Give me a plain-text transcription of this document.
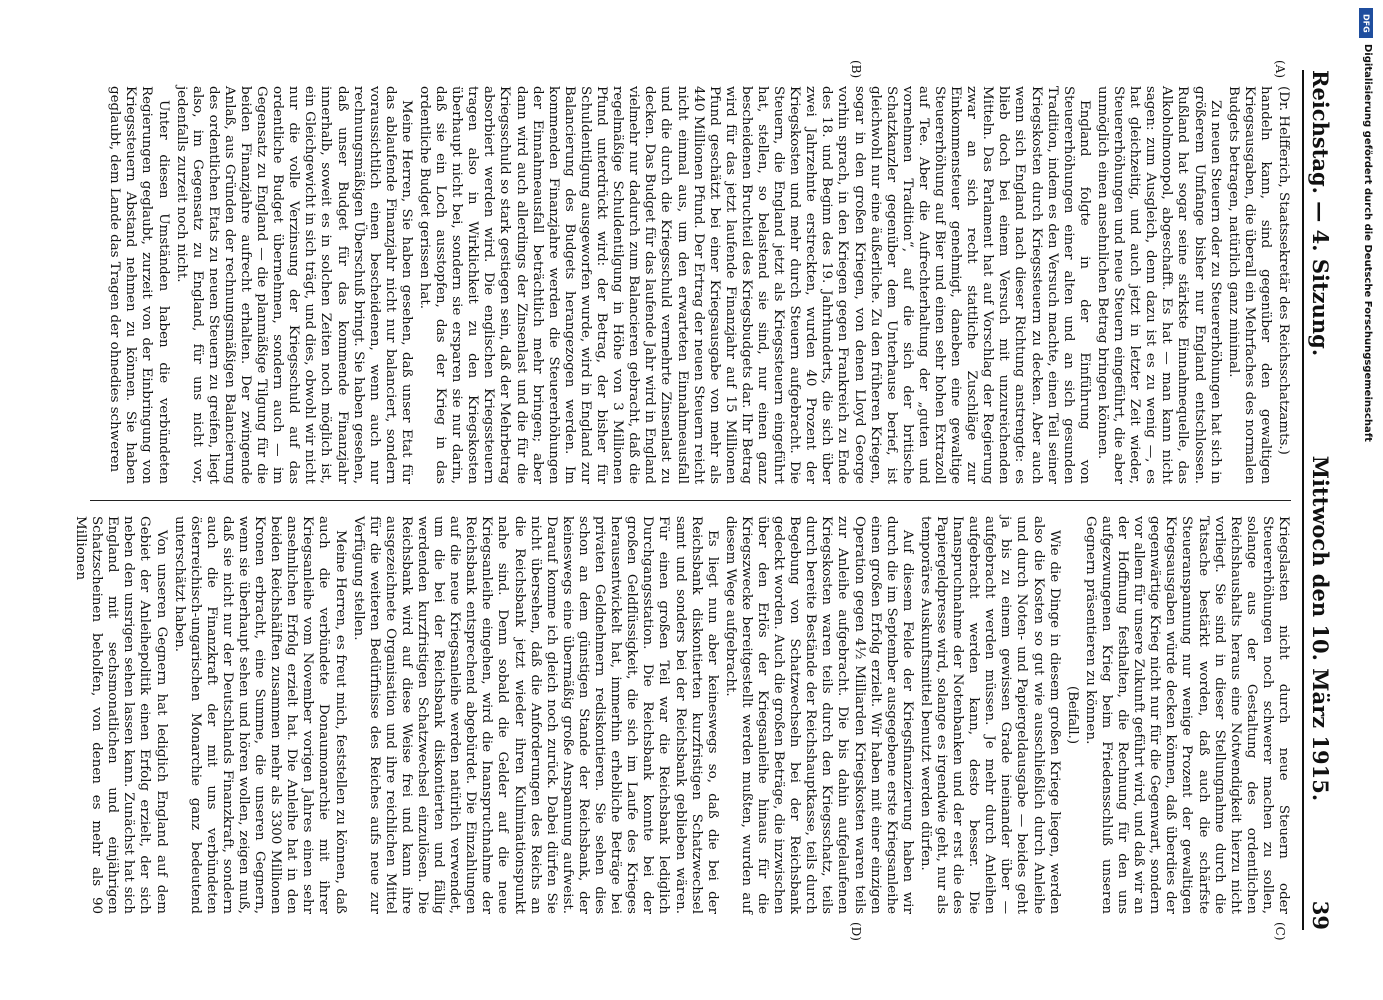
Reichstag. — 4. Sitzung.
Mittwoch den 10. März 1915.
39
(A)
(B)
(C)
(D)

(Dr. Helfferich, Staatssekretär des Reichsschatzamts.)

handeln kann, sind gegenüber den gewaltigen Kriegsausgaben, die überall ein Mehrfaches des normalen Budgets betragen, natürlich ganz minimal.

Zu neuen Steuern oder zu Steuererhöhungen hat sich in größerem Umfange bisher nur England entschlossen. Rußland hat sogar seine stärkste Einnahmequelle, das Alkoholmonopol, abgeschafft. Es hat — man kann nicht sagen: zum Ausgleich, denn dazu ist es zu wenig —, es hat gleichzeitig, und auch jetzt in letzter Zeit wieder, Steuererhöhungen und neue Steuern eingeführt, die aber unmöglich einen ansehnlichen Betrag bringen können.

England folgte in der Einführung von Steuererhöhungen einer alten und an sich gesunden Tradition, indem es den Versuch machte, einen Teil seiner Kriegskosten durch Kriegssteuern zu decken. Aber auch wenn sich England nach dieser Richtung anstrengte: es blieb doch bei einem Versuch mit unzureichenden Mitteln. Das Parlament hat auf Vorschlag der Regierung zwar an sich recht stattliche Zuschläge zur Einkommensteuer genehmigt, daneben eine gewaltige Steuererhöhung auf Bier und einen sehr hohen Extrazoll auf Tee. Aber die Aufrechterhaltung der „guten und vornehmen Tradition“, auf die sich der britische Schatzkanzler gegenüber dem Unterhause berief, ist gleichwohl nur eine äußerliche. Zu den früheren Kriegen, sogar in den großen Kriegen, von denen Lloyd George vorhin sprach, in den Kriegen gegen Frankreich zu Ende des 18. und Beginn des 19. Jahrhunderts, die sich über zwei Jahrzehnte erstreckten, wurden 40 Prozent der Kriegskosten und mehr durch Steuern aufgebracht. Die Steuern, die England jetzt als Kriegssteuern eingeführt hat, stellen, so belastend sie sind, nur einen ganz bescheidenen Bruchteil des Kriegsbudgets dar. Ihr Betrag wird für das jetzt laufende Finanzjahr auf 15 Millionen Pfund geschätzt bei einer Kriegsausgabe von mehr als 440 Millionen Pfund. Der Ertrag der neuen Steuern reicht nicht einmal aus, um den erwarteten Einnahmeausfall und die durch die Kriegsschuld vermehrte Zinsenlast zu decken. Das Budget für das laufende Jahr wird in England vielmehr nur dadurch zum Balancieren gebracht, daß die regelmäßige Schuldentilgung in Höhe von 3 Millionen Pfund unterdrückt wird: der Betrag, der bisher für Schuldentilgung ausgeworfen wurde, wird in England zur Balancierung des Budgets herangezogen werden. Im kommenden Finanzjahre werden die Steuererhöhungen der Einnahmeausfall beträchtlich mehr bringen; aber dann wird auch allerdings der Zinsenlast und die für die Kriegsschuld so stark gestiegen sein, daß der Mehrbetrag absorbiert werden wird. Die englischen Kriegssteuern tragen also in Wirklichkeit zu den Kriegskosten überhaupt nicht bei, sondern sie ersparen sie nur darin, daß sie ein Loch ausstopfen, das der Krieg in das ordentliche Budget gerissen hat.

Meine Herren, Sie haben gesehen, daß unser Etat für das ablaufende Finanzjahr nicht nur balanciert, sondern voraussichtlich einen bescheidenen, wenn auch nur rechnungsmäßigen Überschuß bringt. Sie haben gesehen, daß unser Budget für das kommende Finanzjahr innerhalb, soweit es in solchen Zeiten noch möglich ist, ein Gleichgewicht in sich trägt, und dies, obwohl wir nicht nur die volle Verzinsung der Kriegsschuld auf das ordentliche Budget übernehmen, sondern auch — im Gegensatz zu England — die planmäßige Tilgung für die beiden Finanzjahre aufrecht erhalten. Der zwingende Anlaß, aus Gründen der rechnungsmäßigen Balancierung des ordentlichen Etats zu neuen Steuern zu greifen, liegt also, im Gegensatz zu England, für uns nicht vor, jedenfalls zurzeit noch nicht.

Unter diesen Umständen haben die verbündeten Regierungen geglaubt, zurzeit von der Einbringung von Kriegssteuern Abstand nehmen zu können. Sie haben geglaubt, dem Lande das Tragen der ohnedies schweren

Kriegslasten nicht durch neue Steuern oder Steuererhöhungen noch schwerer machen zu sollen, solange aus der Gestaltung des ordentlichen Reichshaushalts heraus eine Notwendigkeit hierzu nicht vorliegt. Sie sind in dieser Stellungnahme durch die Tatsache bestärkt worden, daß auch die schärfste Steueranspannung nur wenige Prozent der gewaltigen Kriegsausgaben würde decken können, daß überdies der gegenwärtige Krieg nicht nur für die Gegenwart, sondern vor allem für unsere Zukunft geführt wird, und daß wir an der Hoffnung festhalten, die Rechnung für den uns aufgezwungenen Krieg beim Friedensschluß unseren Gegnern präsentieren zu können.

(Beifall.)

Wie die Dinge in diesem großen Kriege liegen, werden also die Kosten so gut wie ausschließlich durch Anleihe und durch Noten- und Papiergeldausgabe — beides geht ja bis zu einem gewissen Grade ineinander über — aufgebracht werden müssen. Je mehr durch Anleihen aufgebracht werden kann, desto besser. Die Inanspruchnahme der Notenbanken und der erst die des Papiergeldpresse wird, solange es irgendwie geht, nur als temporäres Auskunftsmittel benutzt werden dürfen.

Auf diesem Felde der Kriegsfinanzierung haben wir durch die im September ausgegebene erste Kriegsanleihe einen großen Erfolg erzielt. Wir haben mit einer einzigen Operation gegen 4½ Milliarden Kriegskosten waren teils zur Anleihe aufgebracht. Die bis dahin aufgelaufenen Kriegskosten waren teils durch den Kriegsschatz, teils durch bereite Bestände der Reichshauptkasse, teils durch Begebung von Schatzwechseln bei der Reichsbank gedeckt worden. Auch die großen Beträge, die inzwischen über den Erlös der Kriegsanleihe hinaus für die Kriegszwecke bereitgestellt werden mußten, wurden auf diesem Wege aufgebracht.

Es liegt nun aber keineswegs so, daß die bei der Reichsbank diskontierten kurzfristigen Schatzwechsel samt und sonders bei der Reichsbank geblieben wären. Für einen großen Teil war die Reichsbank lediglich Durchgangsstation. Die Reichsbank konnte bei der großen Geldflüssigkeit, die sich im Laufe des Krieges herausentwickelt hat, immerhin erhebliche Beträge bei privaten Geldnehmern rediskontieren. Sie sehen dies schon an dem günstigen Stande der Reichsbank, der keineswegs eine übermäßig große Anspannung aufweist. Darauf komme ich gleich noch zurück. Dabei dürfen Sie nicht übersehen, daß die Anforderungen des Reichs an die Reichsbank jetzt wieder ihren Kulminationspunkt nahe sind. Denn sobald die Gelder auf die neue Kriegsanleihe eingehen, wird die Inanspruchnahme der Reichsbank entsprechend abgebürdet. Die Einzahlungen auf die neue Kriegsanleihe werden natürlich verwendet, um die bei der Reichsbank diskontierten und fällig werdenden kurzfristigen Schatzwechsel einzulösen. Die Reichsbank wird auf diese Weise frei und kann ihre ausgezeichnete Organisation und ihre reichlichen Mittel für die weiteren Bedürfnisse des Reiches aufs neue zur Verfügung stellen.

Meine Herren, es freut mich, feststellen zu können, daß auch die verbündete Donaumonarchie mit ihrer Kriegsanleihe vom November vorigen Jahres einen sehr ansehnlichen Erfolg erzielt hat. Die Anleihe hat in den beiden Reichshälften zusammen mehr als 3300 Millionen Kronen erbracht, eine Summe, die unseren Gegnern, wenn sie überhaupt sehen und hören wollen, zeigen muß, daß sie nicht nur der Deutschlands Finanzkraft, sondern auch die Finanzkraft der mit uns verbündeten österreichisch-ungarischen Monarchie ganz bedeutend unterschätzt haben.

Von unseren Gegnern hat lediglich England auf dem Gebiet der Anleihepolitik einen Erfolg erzielt, der sich neben den unsrigen sehen lassen kann. Zunächst hat sich England mit sechsmonatlichen und einjährigen Schatzscheinen beholfen, von denen es mehr als 90 Millionen

DFG
Digitalisierung gefördert durch die Deutsche Forschungsgemeinschaft
